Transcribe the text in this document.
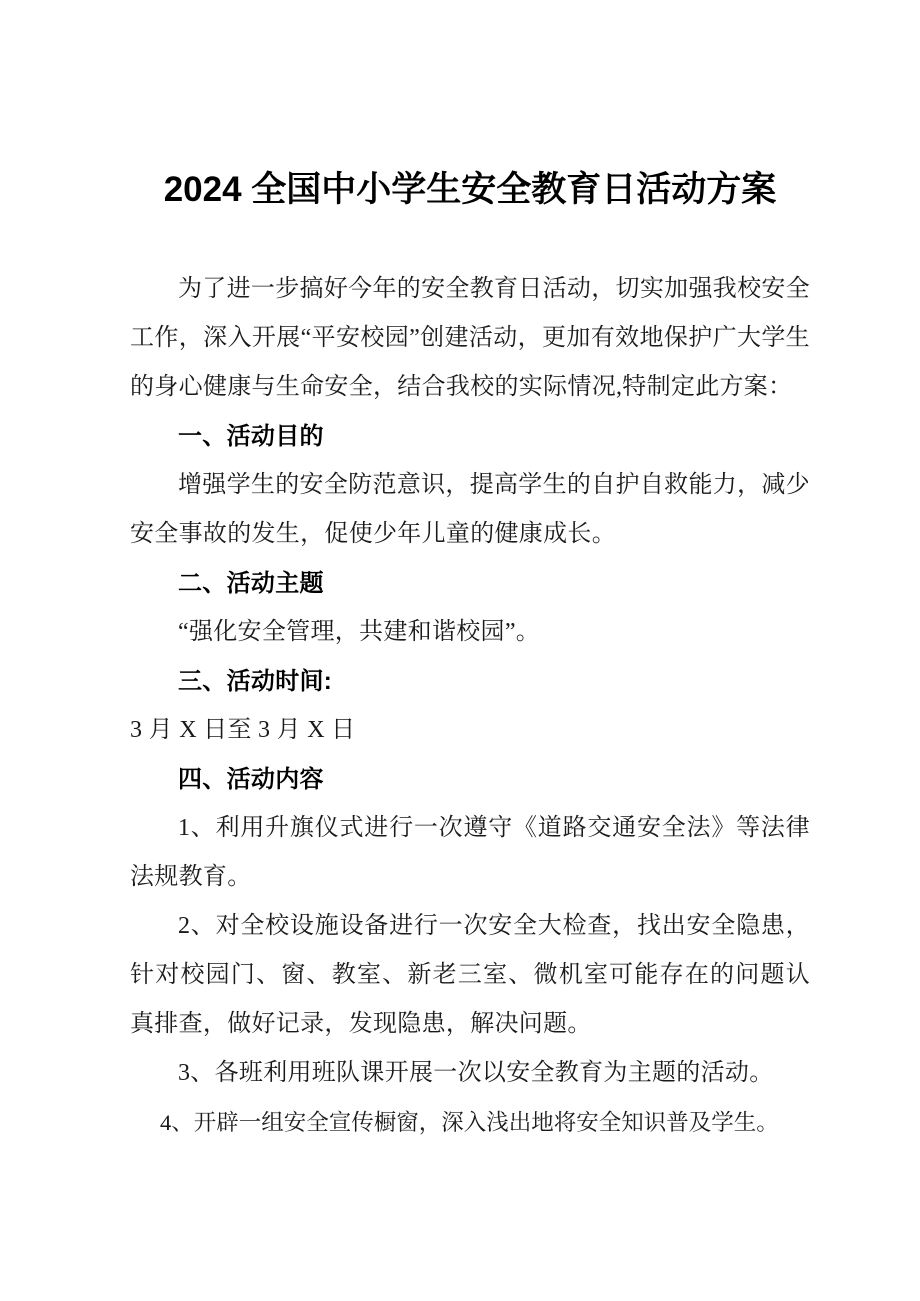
2024 全国中小学生安全教育日活动方案

为了进一步搞好今年的安全教育日活动，切实加强我校安全工作，深入开展“平安校园”创建活动，更加有效地保护广大学生的身心健康与生命安全，结合我校的实际情况,特制定此方案：

一、活动目的

增强学生的安全防范意识，提高学生的自护自救能力，减少安全事故的发生，促使少年儿童的健康成长。

二、活动主题

“强化安全管理，共建和谐校园”。

三、活动时间:

3 月 X 日至 3 月 X 日

四、活动内容

1、利用升旗仪式进行一次遵守《道路交通安全法》等法律法规教育。

2、对全校设施设备进行一次安全大检查，找出安全隐患，针对校园门、窗、教室、新老三室、微机室可能存在的问题认真排查，做好记录，发现隐患，解决问题。

3、各班利用班队课开展一次以安全教育为主题的活动。

4、开辟一组安全宣传橱窗，深入浅出地将安全知识普及学生。
